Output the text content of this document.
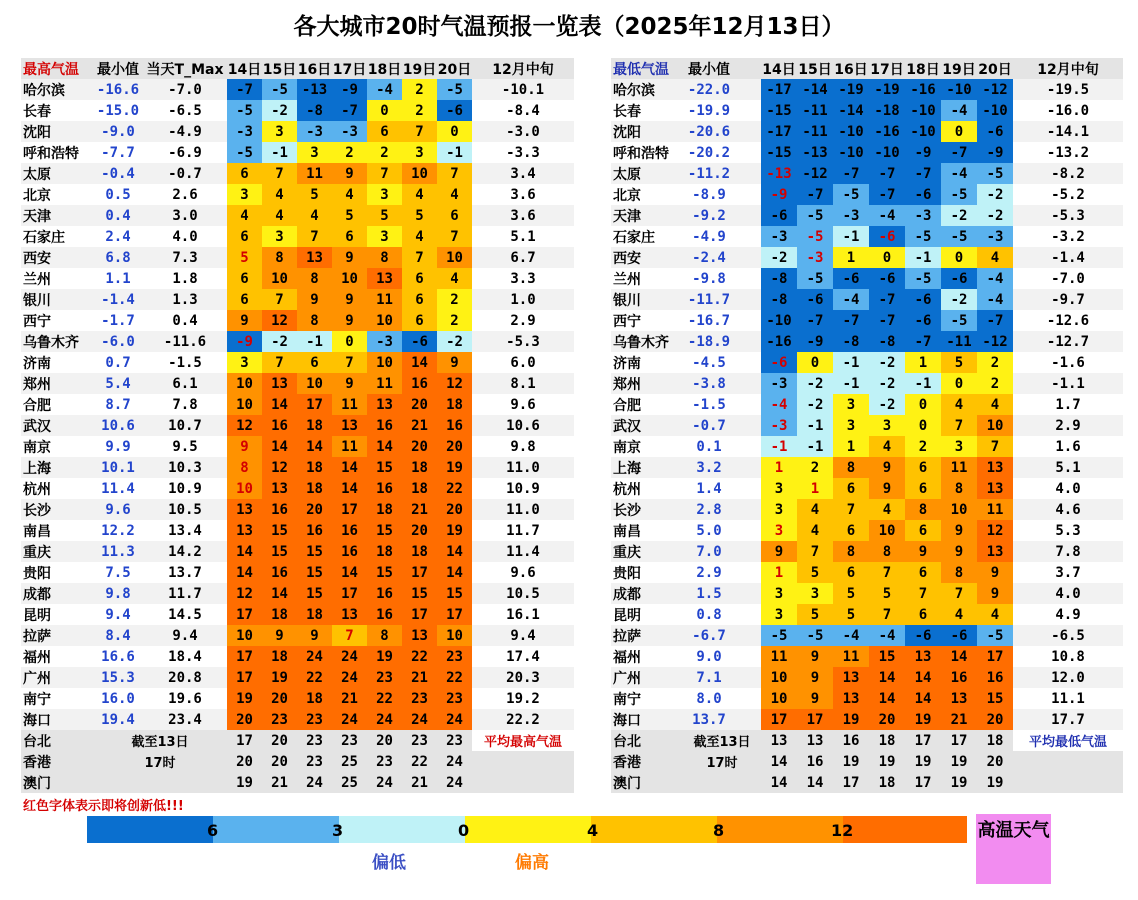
各大城市20时气温预报一览表（2025年12月13日）
最高气温	最小值	当天T_Max	14日	15日	16日	17日	18日	19日	20日	12月中旬
哈尔滨	-16.6	-7.0	-7	-5	-13	-9	-4	2	-5	-10.1
长春	-15.0	-6.5	-5	-2	-8	-7	0	2	-6	-8.4
沈阳	-9.0	-4.9	-3	3	-3	-3	6	7	0	-3.0
呼和浩特	-7.7	-6.9	-5	-1	3	2	2	3	-1	-3.3
太原	-0.4	-0.7	6	7	11	9	7	10	7	3.4
北京	0.5	2.6	3	4	5	4	3	4	4	3.6
天津	0.4	3.0	4	4	4	5	5	5	6	3.6
石家庄	2.4	4.0	6	3	7	6	3	4	7	5.1
西安	6.8	7.3	5	8	13	9	8	7	10	6.7
兰州	1.1	1.8	6	10	8	10	13	6	4	3.3
银川	-1.4	1.3	6	7	9	9	11	6	2	1.0
西宁	-1.7	0.4	9	12	8	9	10	6	2	2.9
乌鲁木齐	-6.0	-11.6	-9	-2	-1	0	-3	-6	-2	-5.3
济南	0.7	-1.5	3	7	6	7	10	14	9	6.0
郑州	5.4	6.1	10	13	10	9	11	16	12	8.1
合肥	8.7	7.8	10	14	17	11	13	20	18	9.6
武汉	10.6	10.7	12	16	18	13	16	21	16	10.6
南京	9.9	9.5	9	14	14	11	14	20	20	9.8
上海	10.1	10.3	8	12	18	14	15	18	19	11.0
杭州	11.4	10.9	10	13	18	14	16	18	22	10.9
长沙	9.6	10.5	13	16	20	17	18	21	20	11.0
南昌	12.2	13.4	13	15	16	16	15	20	19	11.7
重庆	11.3	14.2	14	15	15	16	18	18	14	11.4
贵阳	7.5	13.7	14	16	15	14	15	17	14	9.6
成都	9.8	11.7	12	14	15	17	16	15	15	10.5
昆明	9.4	14.5	17	18	18	13	16	17	17	16.1
拉萨	8.4	9.4	10	9	9	7	8	13	10	9.4
福州	16.6	18.4	17	18	24	24	19	22	23	17.4
广州	15.3	20.8	17	19	22	24	23	21	22	20.3
南宁	16.0	19.6	19	20	18	21	22	23	23	19.2
海口	19.4	23.4	20	23	23	24	24	24	24	22.2
台北	截至13日		17	20	23	23	20	23	23	平均最高气温
香港	17时		20	20	23	25	23	22	24	
澳门			19	21	24	25	24	21	24	
最低气温	最小值		14日	15日	16日	17日	18日	19日	20日	12月中旬
哈尔滨	-22.0		-17	-14	-19	-19	-16	-10	-12	-19.5
长春	-19.9		-15	-11	-14	-18	-10	-4	-10	-16.0
沈阳	-20.6		-17	-11	-10	-16	-10	0	-6	-14.1
呼和浩特	-20.2		-15	-13	-10	-10	-9	-7	-9	-13.2
太原	-11.2		-13	-12	-7	-7	-7	-4	-5	-8.2
北京	-8.9		-9	-7	-5	-7	-6	-5	-2	-5.2
天津	-9.2		-6	-5	-3	-4	-3	-2	-2	-5.3
石家庄	-4.9		-3	-5	-1	-6	-5	-5	-3	-3.2
西安	-2.4		-2	-3	1	0	-1	0	4	-1.4
兰州	-9.8		-8	-5	-6	-6	-5	-6	-4	-7.0
银川	-11.7		-8	-6	-4	-7	-6	-2	-4	-9.7
西宁	-16.7		-10	-7	-7	-7	-6	-5	-7	-12.6
乌鲁木齐	-18.9		-16	-9	-8	-8	-7	-11	-12	-12.7
济南	-4.5		-6	0	-1	-2	1	5	2	-1.6
郑州	-3.8		-3	-2	-1	-2	-1	0	2	-1.1
合肥	-1.5		-4	-2	3	-2	0	4	4	1.7
武汉	-0.7		-3	-1	3	3	0	7	10	2.9
南京	0.1		-1	-1	1	4	2	3	7	1.6
上海	3.2		1	2	8	9	6	11	13	5.1
杭州	1.4		3	1	6	9	6	8	13	4.0
长沙	2.8		3	4	7	4	8	10	11	4.6
南昌	5.0		3	4	6	10	6	9	12	5.3
重庆	7.0		9	7	8	8	9	9	13	7.8
贵阳	2.9		1	5	6	7	6	8	9	3.7
成都	1.5		3	3	5	5	7	7	9	4.0
昆明	0.8		3	5	5	7	6	4	4	4.9
拉萨	-6.7		-5	-5	-4	-4	-6	-6	-5	-6.5
福州	9.0		11	9	11	15	13	14	17	10.8
广州	7.1		10	9	13	14	14	16	16	12.0
南宁	8.0		10	9	13	14	14	13	15	11.1
海口	13.7		17	17	19	20	19	21	20	17.7
台北	截至13日		13	13	16	18	17	17	18	平均最低气温
香港	17时		14	16	19	19	19	19	20	
澳门			14	14	17	18	17	19	19	
红色字体表示即将创新低!!!
6	3	0	4	8	12	高温天气
偏低	偏高
